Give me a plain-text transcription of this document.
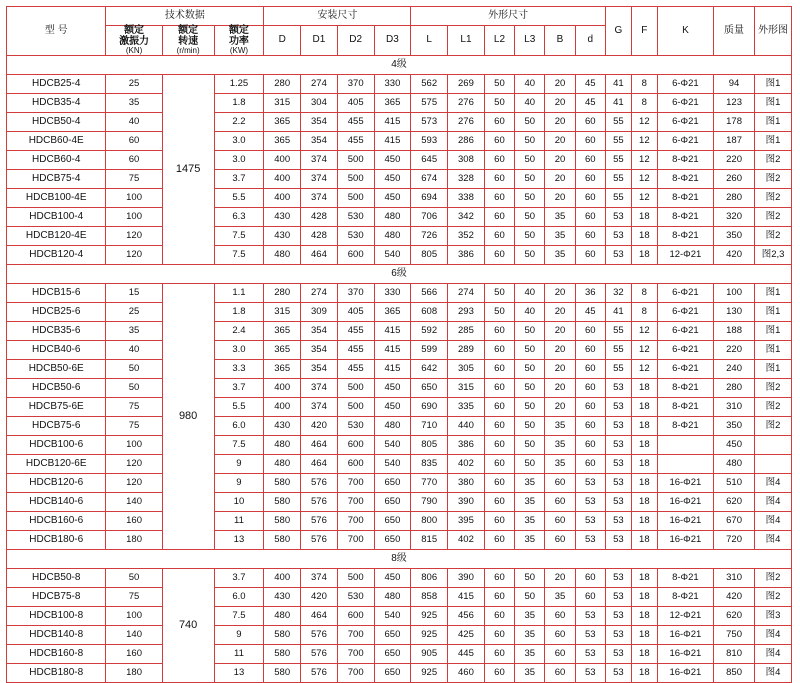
型 号	技术数据			安装尺寸				外形尺寸						G	F	K	质量	外形图

	额定
激振力
(KN)	额定
转速
(r/min)	额定
功率
(KW)	D	D1	D2	D3	L	L1	L2	L3	B	d					
4级																		
HDCB25-4	25	1475	1.25	280	274	370	330	562	269	50	40	20	45	41	8	6-Φ21	94	图1
HDCB35-4	35		1.8	315	304	405	365	575	276	50	40	20	45	41	8	6-Φ21	123	图1
HDCB50-4	40		2.2	365	354	455	415	573	276	60	50	20	60	55	12	6-Φ21	178	图1
HDCB60-4E	60		3.0	365	354	455	415	593	286	60	50	20	60	55	12	6-Φ21	187	图1
HDCB60-4	60		3.0	400	374	500	450	645	308	60	50	20	60	55	12	8-Φ21	220	图2
HDCB75-4	75		3.7	400	374	500	450	674	328	60	50	20	60	55	12	8-Φ21	260	图2
HDCB100-4E	100		5.5	400	374	500	450	694	338	60	50	20	60	55	12	8-Φ21	280	图2
HDCB100-4	100		6.3	430	428	530	480	706	342	60	50	35	60	53	18	8-Φ21	320	图2
HDCB120-4E	120		7.5	430	428	530	480	726	352	60	50	35	60	53	18	8-Φ21	350	图2
HDCB120-4	120		7.5	480	464	600	540	805	386	60	50	35	60	53	18	12-Φ21	420	图2,3
6级																		
HDCB15-6	15	980	1.1	280	274	370	330	566	274	50	40	20	36	32	8	6-Φ21	100	图1
HDCB25-6	25		1.8	315	309	405	365	608	293	50	40	20	45	41	8	6-Φ21	130	图1
HDCB35-6	35		2.4	365	354	455	415	592	285	60	50	20	60	55	12	6-Φ21	188	图1
HDCB40-6	40		3.0	365	354	455	415	599	289	60	50	20	60	55	12	6-Φ21	220	图1
HDCB50-6E	50		3.3	365	354	455	415	642	305	60	50	20	60	55	12	6-Φ21	240	图1
HDCB50-6	50		3.7	400	374	500	450	650	315	60	50	20	60	53	18	8-Φ21	280	图2
HDCB75-6E	75		5.5	400	374	500	450	690	335	60	50	20	60	53	18	8-Φ21	310	图2
HDCB75-6	75		6.0	430	420	530	480	710	440	60	50	35	60	53	18	8-Φ21	350	图2
HDCB100-6	100		7.5	480	464	600	540	805	386	60	50	35	60	53	18		450	
HDCB120-6E	120		9	480	464	600	540	835	402	60	50	35	60	53	18		480	
HDCB120-6	120		9	580	576	700	650	770	380	60	35	60	53	53	18	16-Φ21	510	图4
HDCB140-6	140		10	580	576	700	650	790	390	60	35	60	53	53	18	16-Φ21	620	图4
HDCB160-6	160		11	580	576	700	650	800	395	60	35	60	53	53	18	16-Φ21	670	图4
HDCB180-6	180		13	580	576	700	650	815	402	60	35	60	53	53	18	16-Φ21	720	图4
8级																		
HDCB50-8	50	740	3.7	400	374	500	450	806	390	60	50	20	60	53	18	8-Φ21	310	图2
HDCB75-8	75		6.0	430	420	530	480	858	415	60	50	35	60	53	18	8-Φ21	420	图2
HDCB100-8	100		7.5	480	464	600	540	925	456	60	35	60	53	53	18	12-Φ21	620	图3
HDCB140-8	140		9	580	576	700	650	925	425	60	35	60	53	53	18	16-Φ21	750	图4
HDCB160-8	160		11	580	576	700	650	905	445	60	35	60	53	53	18	16-Φ21	810	图4
HDCB180-8	180		13	580	576	700	650	925	460	60	35	60	53	53	18	16-Φ21	850	图4
